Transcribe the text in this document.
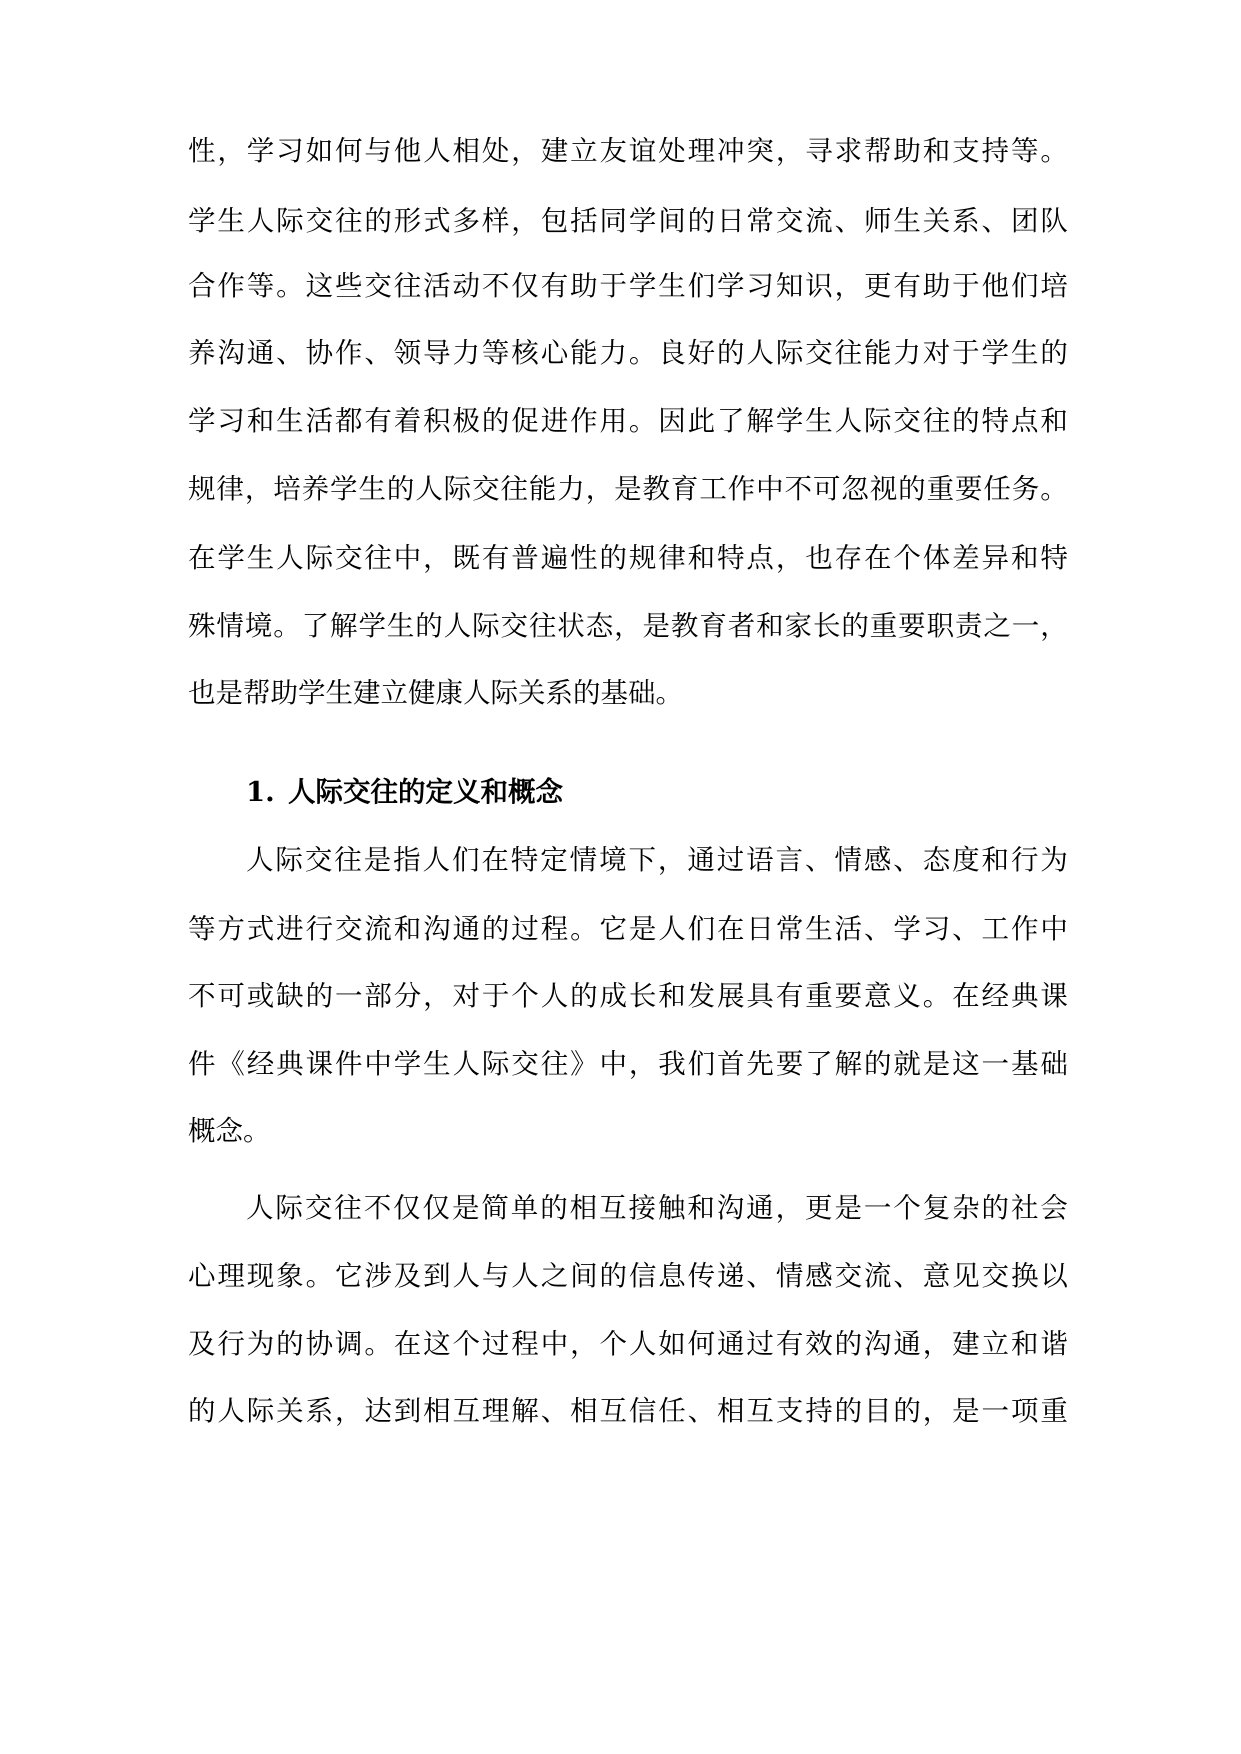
性 ， 学 习 如 何 与 他 人 相 处 ， 建 立 友 谊 处 理 冲 突 ， 寻 求 帮 助 和 支 持 等 。
学 生 人 际 交 往 的 形 式 多 样 ， 包 括 同 学 间 的 日 常 交 流 、 师 生 关 系 、 团 队
合 作 等 。 这 些 交 往 活 动 不 仅 有 助 于 学 生 们 学 习 知 识 ， 更 有 助 于 他 们 培
养 沟 通 、 协 作 、 领 导 力 等 核 心 能 力 。 良 好 的 人 际 交 往 能 力 对 于 学 生 的
学 习 和 生 活 都 有 着 积 极 的 促 进 作 用 。 因 此 了 解 学 生 人 际 交 往 的 特 点 和
规 律 ， 培 养 学 生 的 人 际 交 往 能 力 ， 是 教 育 工 作 中 不 可 忽 视 的 重 要 任 务 。
在 学 生 人 际 交 往 中 ， 既 有 普 遍 性 的 规 律 和 特 点 ， 也 存 在 个 体 差 异 和 特
殊 情 境 。 了 解 学 生 的 人 际 交 往 状 态 ， 是 教 育 者 和 家 长 的 重 要 职 责 之 一 ，
也是帮助学生建立健康人际关系的基础。
1. 人际交往的定义和概念
人 际 交 往 是 指 人 们 在 特 定 情 境 下 ， 通 过 语 言 、 情 感 、 态 度 和 行 为
等 方 式 进 行 交 流 和 沟 通 的 过 程 。 它 是 人 们 在 日 常 生 活 、 学 习 、 工 作 中
不 可 或 缺 的 一 部 分 ， 对 于 个 人 的 成 长 和 发 展 具 有 重 要 意 义 。 在 经 典 课
件 《 经 典 课 件 中 学 生 人 际 交 往 》 中 ， 我 们 首 先 要 了 解 的 就 是 这 一 基 础
概念。
人 际 交 往 不 仅 仅 是 简 单 的 相 互 接 触 和 沟 通 ， 更 是 一 个 复 杂 的 社 会
心 理 现 象 。 它 涉 及 到 人 与 人 之 间 的 信 息 传 递 、 情 感 交 流 、 意 见 交 换 以
及 行 为 的 协 调 。 在 这 个 过 程 中 ， 个 人 如 何 通 过 有 效 的 沟 通 ， 建 立 和 谐
的 人 际 关 系 ， 达 到 相 互 理 解 、 相 互 信 任 、 相 互 支 持 的 目 的 ， 是 一 项 重
